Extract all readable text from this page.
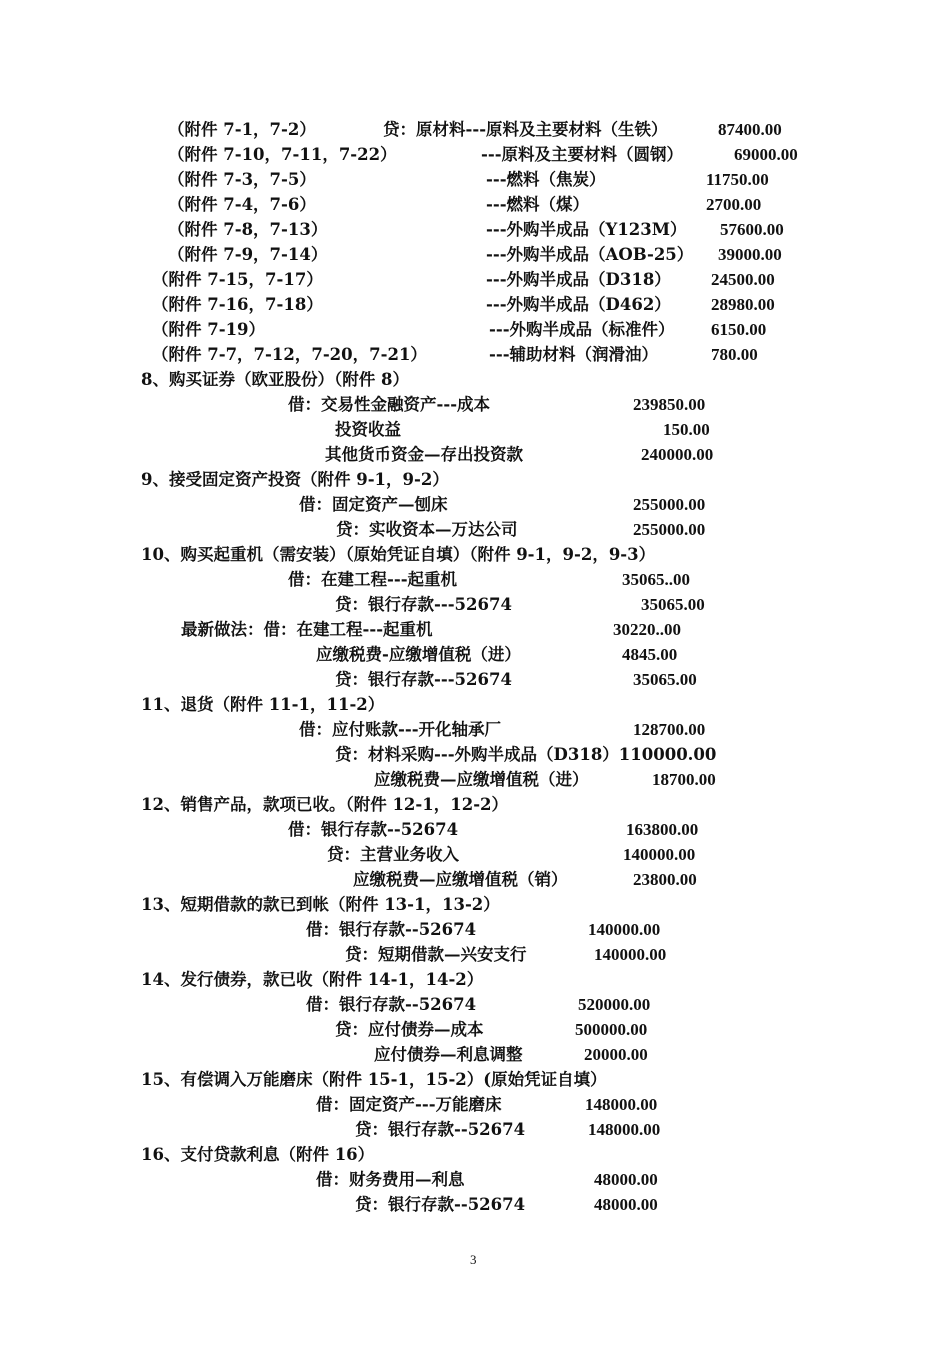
（附件 7-1，7-2）	贷：原材料---原料及主要材料（生铁）	87400.00
（附件 7-10，7-11，7-22）	---原料及主要材料（圆钢）	69000.00
（附件 7-3，7-5）	---燃料（焦炭）	11750.00
（附件 7-4，7-6）	---燃料（煤）	2700.00
（附件 7-8，7-13）	---外购半成品（Y123M） 57600.00
（附件 7-9，7-14）	---外购半成品（AOB-25） 39000.00
（附件 7-15，7-17）	---外购半成品（D318） 24500.00
（附件 7-16，7-18）	---外购半成品（D462） 28980.00
（附件 7-19）	---外购半成品（标准件） 6150.00
（附件 7-7，7-12，7-20，7-21）	---辅助材料（润滑油）	780.00
8、购买证券（欧亚股份）（附件 8）
借：交易性金融资产---成本	239850.00
投资收益	150.00
其他货币资金—存出投资款	240000.00
9、接受固定资产投资（附件 9-1，9-2）
借：固定资产—刨床	255000.00
贷：实收资本—万达公司	255000.00
10、购买起重机（需安装）（原始凭证自填）（附件 9-1，9-2，9-3）
借：在建工程---起重机	35065..00
贷：银行存款---52674	35065.00
最新做法：借：在建工程---起重机	30220..00
应缴税费-应缴增值税（进）	4845.00
贷：银行存款---52674	35065.00
11、退货（附件 11-1，11-2）
借：应付账款---开化轴承厂	128700.00
贷：材料采购---外购半成品（D318）110000.00
应缴税费—应缴增值税（进）	18700.00
12、销售产品，款项已收。（附件 12-1，12-2）
借：银行存款--52674	163800.00
贷：主营业务收入	140000.00
应缴税费—应缴增值税（销）	23800.00
13、短期借款的款已到帐（附件 13-1，13-2）
借：银行存款--52674	140000.00
贷：短期借款—兴安支行	140000.00
14、发行债券，款已收（附件 14-1，14-2）
借：银行存款--52674	520000.00
贷：应付债券—成本	500000.00
应付债券—利息调整	20000.00
15、有偿调入万能磨床（附件 15-1，15-2）(原始凭证自填）
借：固定资产---万能磨床	148000.00
贷：银行存款--52674	148000.00
16、支付贷款利息（附件 16）
借：财务费用—利息	48000.00
贷：银行存款--52674	48000.00
3
